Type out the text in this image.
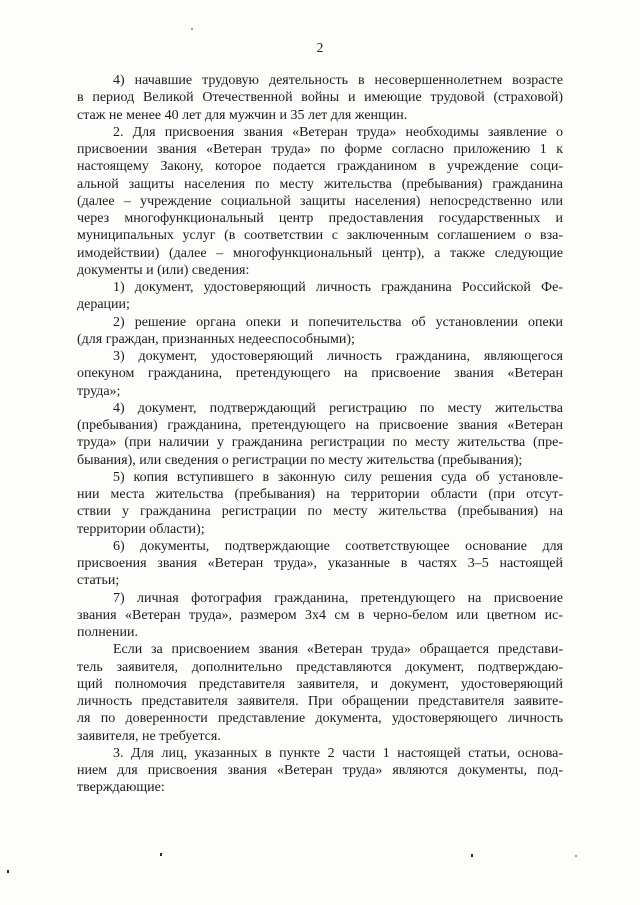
2
4) начавшие трудовую деятельность в несовершеннолетнем возрасте
в период Великой Отечественной войны и имеющие трудовой (страховой)
стаж не менее 40 лет для мужчин и 35 лет для женщин.
2. Для присвоения звания «Ветеран труда» необходимы заявление о
присвоении звания «Ветеран труда» по форме согласно приложению 1 к
настоящему Закону, которое подается гражданином в учреждение соци-
альной защиты населения по месту жительства (пребывания) гражданина
(далее – учреждение социальной защиты населения) непосредственно или
через многофункциональный центр предоставления государственных и
муниципальных услуг (в соответствии с заключенным соглашением о вза-
имодействии) (далее – многофункциональный центр), а также следующие
документы и (или) сведения:
1) документ, удостоверяющий личность гражданина Российской Фе-
дерации;
2) решение органа опеки и попечительства об установлении опеки
(для граждан, признанных недееспособными);
3) документ, удостоверяющий личность гражданина, являющегося
опекуном гражданина, претендующего на присвоение звания «Ветеран
труда»;
4) документ, подтверждающий регистрацию по месту жительства
(пребывания) гражданина, претендующего на присвоение звания «Ветеран
труда» (при наличии у гражданина регистрации по месту жительства (пре-
бывания), или сведения о регистрации по месту жительства (пребывания);
5) копия вступившего в законную силу решения суда об установле-
нии места жительства (пребывания) на территории области (при отсут-
ствии у гражданина регистрации по месту жительства (пребывания) на
территории области);
6) документы, подтверждающие соответствующее основание для
присвоения звания «Ветеран труда», указанные в частях 3–5 настоящей
статьи;
7) личная фотография гражданина, претендующего на присвоение
звания «Ветеран труда», размером 3х4 см в черно-белом или цветном ис-
полнении.
Если за присвоением звания «Ветеран труда» обращается представи-
тель заявителя, дополнительно представляются документ, подтверждаю-
щий полномочия представителя заявителя, и документ, удостоверяющий
личность представителя заявителя. При обращении представителя заявите-
ля по доверенности представление документа, удостоверяющего личность
заявителя, не требуется.
3. Для лиц, указанных в пункте 2 части 1 настоящей статьи, основа-
нием для присвоения звания «Ветеран труда» являются документы, под-
тверждающие:
